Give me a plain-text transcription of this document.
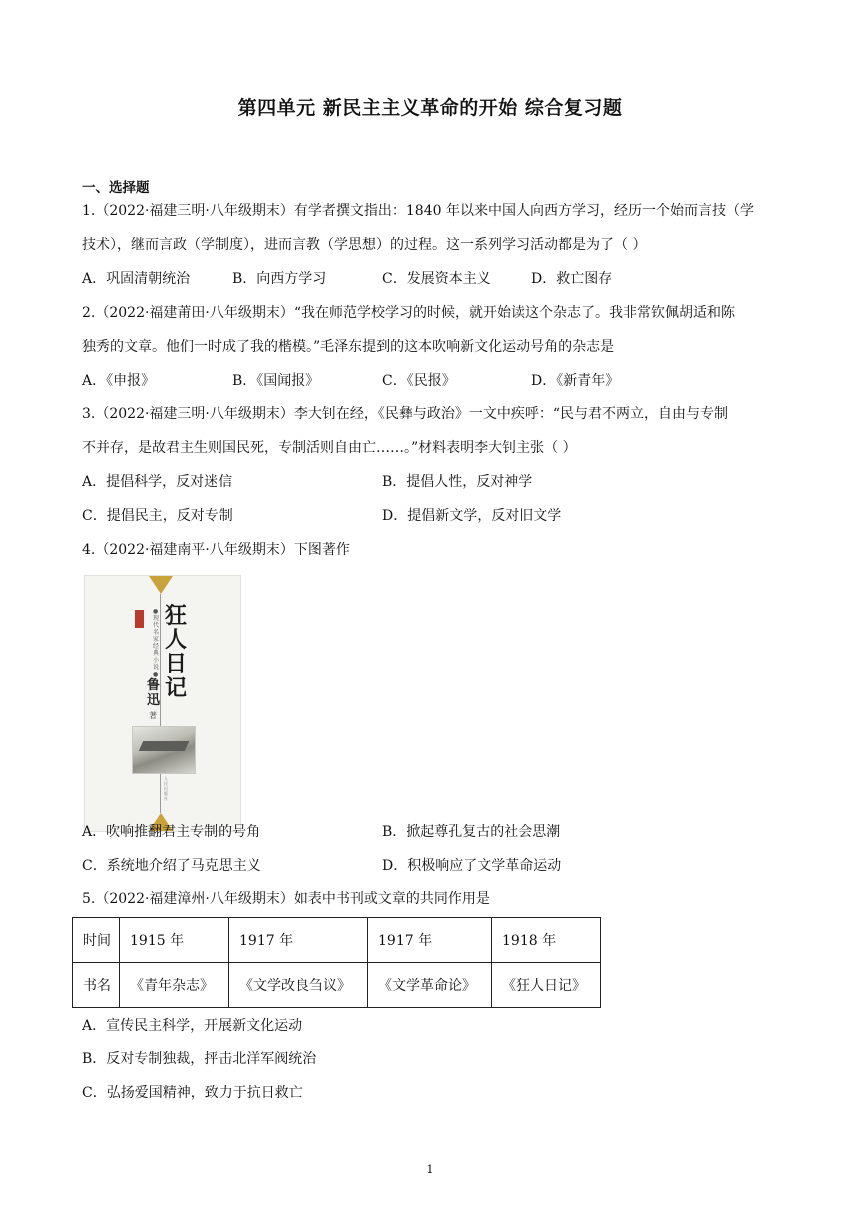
第四单元 新民主主义革命的开始 综合复习题
一、选择题
1.（2022·福建三明·八年级期末）有学者撰文指出：1840 年以来中国人向西方学习，经历一个始而言技（学
技术），继而言政（学制度），进而言教（学思想）的过程。这一系列学习活动都是为了（ ）
A．巩固清朝统治	B．向西方学习	C．发展资本主义	D．救亡图存
2.（2022·福建莆田·八年级期末）“我在师范学校学习的时候，就开始读这个杂志了。我非常钦佩胡适和陈
独秀的文章。他们一时成了我的楷模。”毛泽东提到的这本吹响新文化运动号角的杂志是
A．《申报》	B．《国闻报》	C．《民报》	D．《新青年》
3.（2022·福建三明·八年级期末）李大钊在经，《民彝与政治》一文中疾呼：“民与君不两立，自由与专制
不并存，是故君主生则国民死，专制活则自由亡……。”材料表明李大钊主张（ ）
A．提倡科学，反对迷信	B．提倡人性，反对神学
C．提倡民主，反对专制	D．提倡新文学，反对旧文学
4.（2022·福建南平·八年级期末）下图著作
●现代名家经典小说●
狂人日记
鲁迅
著
人民出版社
A．吹响推翻君主专制的号角	B．掀起尊孔复古的社会思潮
C．系统地介绍了马克思主义	D．积极响应了文学革命运动
5.（2022·福建漳州·八年级期末）如表中书刊或文章的共同作用是
时间	1915 年	1917 年	1917 年	1918 年
书名	《青年杂志》	《文学改良刍议》	《文学革命论》	《狂人日记》
A．宣传民主科学，开展新文化运动
B．反对专制独裁，抨击北洋军阀统治
C．弘扬爱国精神，致力于抗日救亡
1
